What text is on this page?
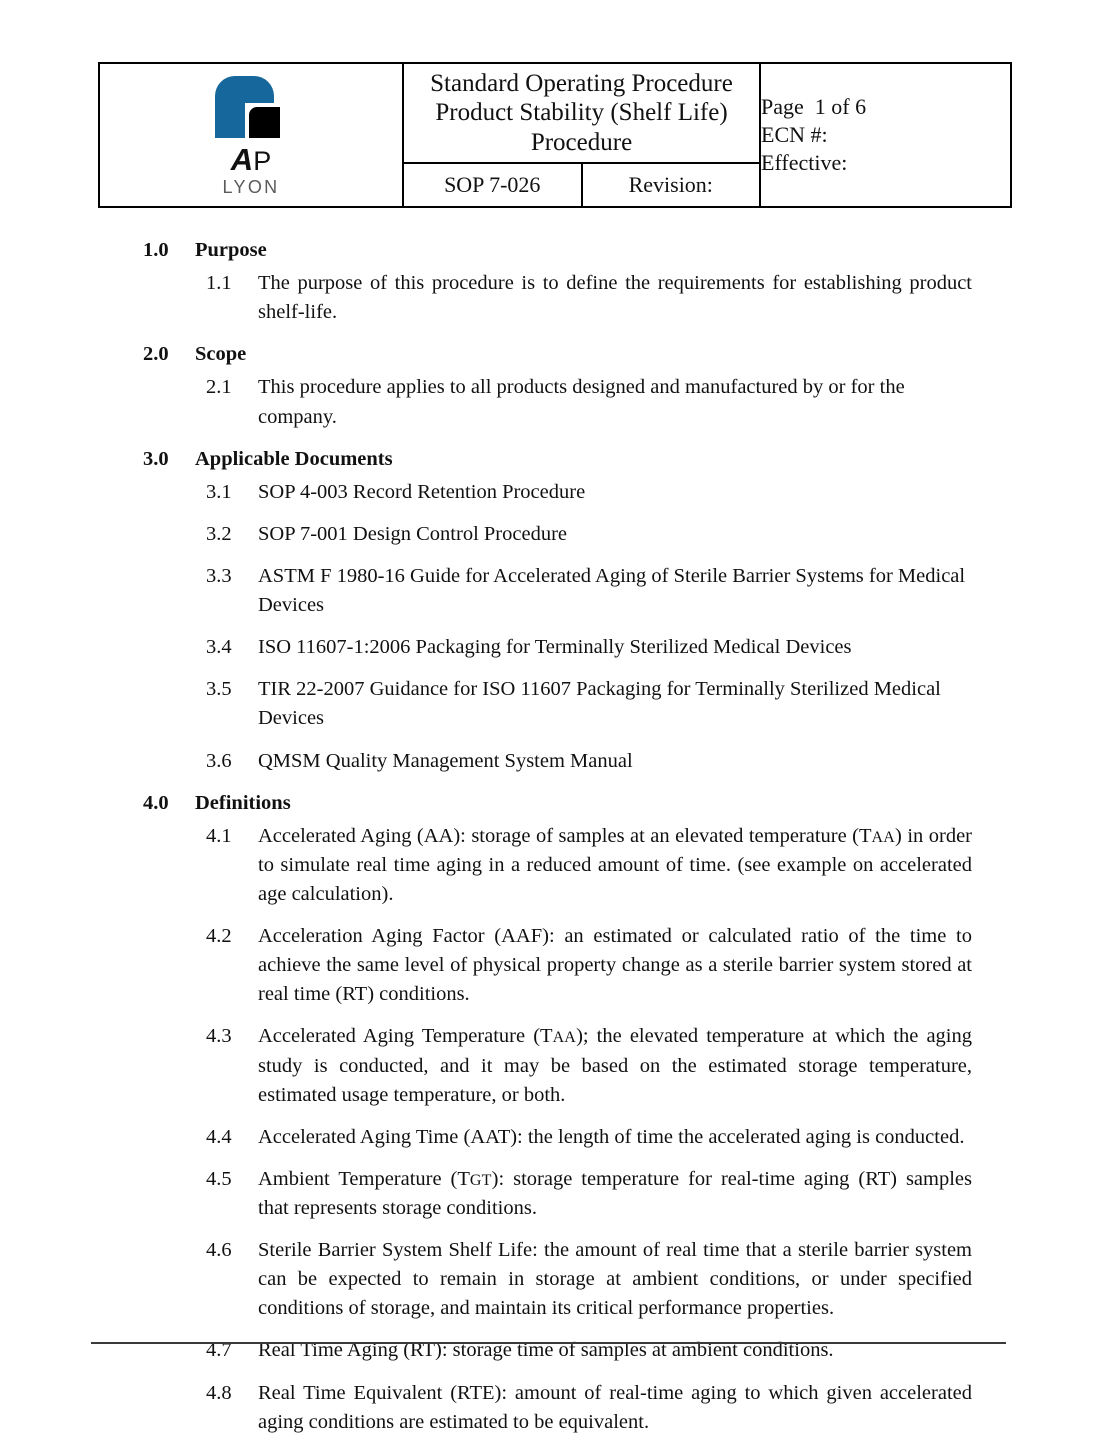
AP
LYON

Standard Operating Procedure
Product Stability (Shelf Life)
Procedure

Page  1 of 6
ECN #:
Effective:

	SOP 7-026	Revision:	
1.0	Purpose
1.1	The purpose of this procedure is to define the requirements for establishing product shelf-life.
2.0	Scope
2.1	This procedure applies to all products designed and manufactured by or for the company.
3.0	Applicable Documents
3.1	SOP 4-003 Record Retention Procedure
3.2	SOP 7-001 Design Control Procedure
3.3	ASTM F 1980-16 Guide for Accelerated Aging of Sterile Barrier Systems for Medical Devices
3.4	ISO 11607-1:2006 Packaging for Terminally Sterilized Medical Devices
3.5	TIR 22-2007 Guidance for ISO 11607 Packaging for Terminally Sterilized Medical Devices
3.6	QMSM Quality Management System Manual
4.0	Definitions
4.1	Accelerated Aging (AA): storage of samples at an elevated temperature (TAA) in order to simulate real time aging in a reduced amount of time. (see example on accelerated age calculation).
4.2	Acceleration Aging Factor (AAF): an estimated or calculated ratio of the time to achieve the same level of physical property change as a sterile barrier system stored at real time (RT) conditions.
4.3	Accelerated Aging Temperature (TAA); the elevated temperature at which the aging study is conducted, and it may be based on the estimated storage temperature, estimated usage temperature, or both.
4.4	Accelerated Aging Time (AAT): the length of time the accelerated aging is conducted.
4.5	Ambient Temperature (TGT): storage temperature for real-time aging (RT) samples that represents storage conditions.
4.6	Sterile Barrier System Shelf Life: the amount of real time that a sterile barrier system can be expected to remain in storage at ambient conditions, or under specified conditions of storage, and maintain its critical performance properties.
4.7	Real Time Aging (RT): storage time of samples at ambient conditions.
4.8	Real Time Equivalent (RTE): amount of real-time aging to which given accelerated aging conditions are estimated to be equivalent.
